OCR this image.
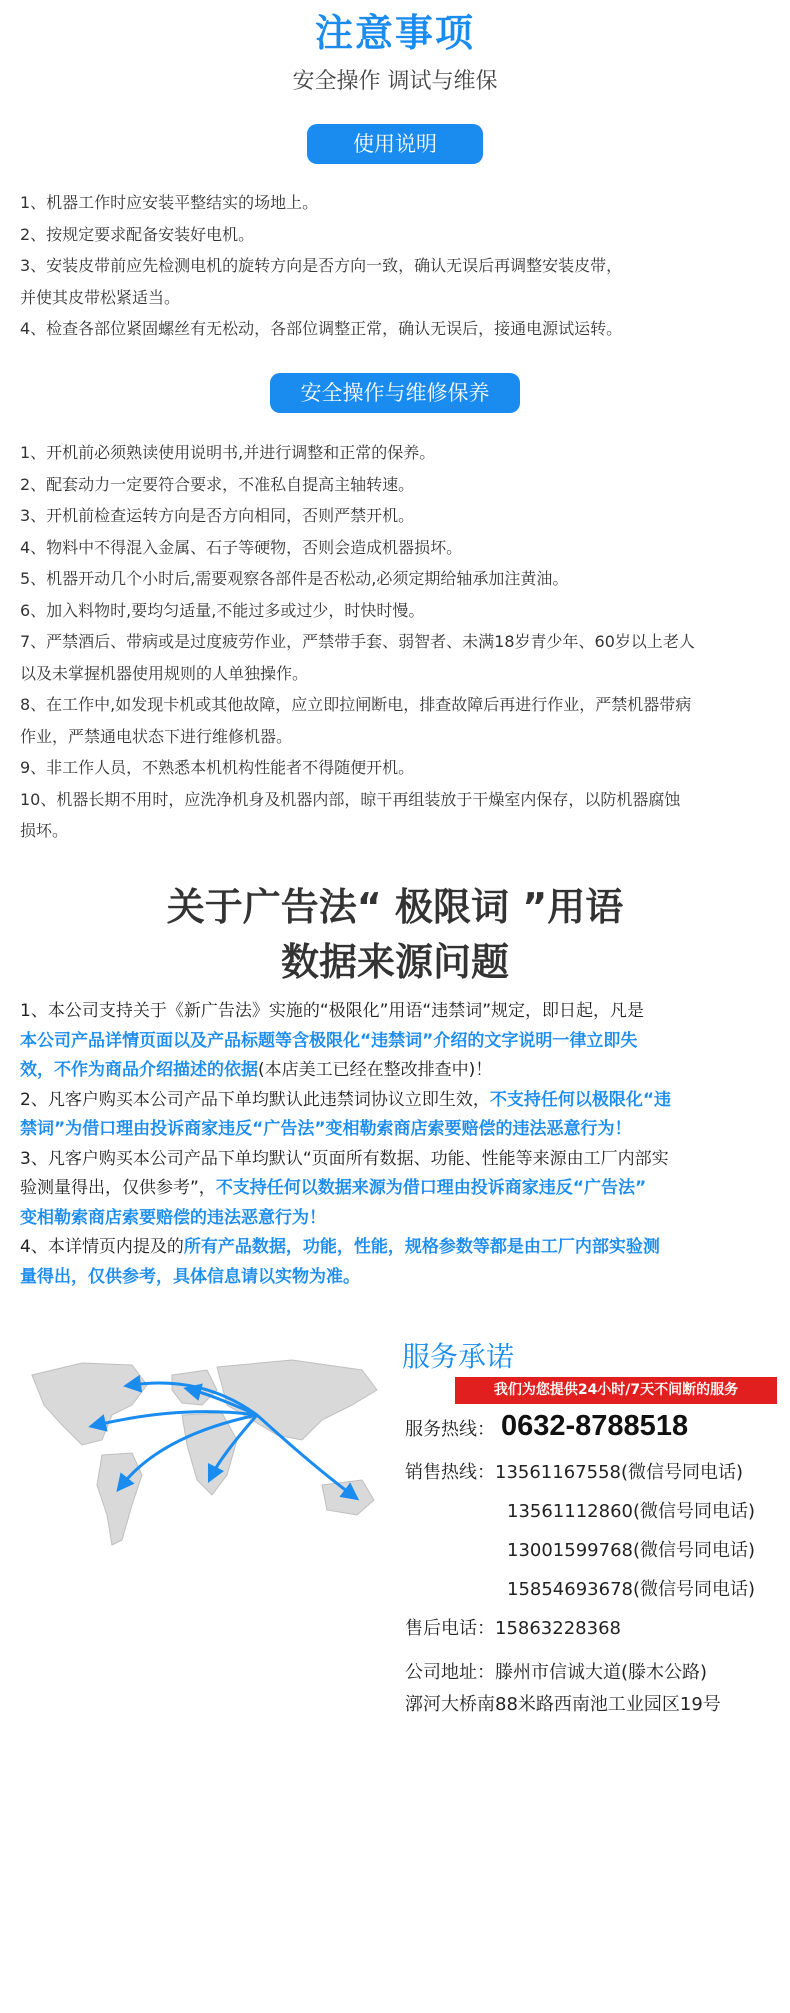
注意事项
安全操作 调试与维保
使用说明
1、机器工作时应安装平整结实的场地上。
2、按规定要求配备安装好电机。
3、安装皮带前应先检测电机的旋转方向是否方向一致，确认无误后再调整安装皮带，
并使其皮带松紧适当。
4、检查各部位紧固螺丝有无松动，各部位调整正常，确认无误后，接通电源试运转。
安全操作与维修保养
1、开机前必须熟读使用说明书,并进行调整和正常的保养。
2、配套动力一定要符合要求，不准私自提高主轴转速。
3、开机前检查运转方向是否方向相同，否则严禁开机。
4、物料中不得混入金属、石子等硬物，否则会造成机器损坏。
5、机器开动几个小时后,需要观察各部件是否松动,必须定期给轴承加注黄油。
6、加入料物时,要均匀适量,不能过多或过少，时快时慢。
7、严禁酒后、带病或是过度疲劳作业，严禁带手套、弱智者、未满18岁青少年、60岁以上老人
以及未掌握机器使用规则的人单独操作。
8、在工作中,如发现卡机或其他故障，应立即拉闸断电，排查故障后再进行作业，严禁机器带病
作业，严禁通电状态下进行维修机器。
9、非工作人员，不熟悉本机机构性能者不得随便开机。
10、机器长期不用时，应洗净机身及机器内部，晾干再组装放于干燥室内保存，以防机器腐蚀
损坏。
关于广告法“ 极限词 ”用语
数据来源问题

1、本公司支持关于《新广告法》实施的“极限化”用语“违禁词”规定，即日起，凡是
本公司产品详情页面以及产品标题等含极限化“违禁词”介绍的文字说明一律立即失
效，不作为商品介绍描述的依据(本店美工已经在整改排查中)！

2、凡客户购买本公司产品下单均默认此违禁词协议立即生效，不支持任何以极限化“违
禁词”为借口理由投诉商家违反“广告法”变相勒索商店索要赔偿的违法恶意行为！

3、凡客户购买本公司产品下单均默认“页面所有数据、功能、性能等来源由工厂内部实
验测量得出，仅供参考”，不支持任何以数据来源为借口理由投诉商家违反“广告法”
变相勒索商店索要赔偿的违法恶意行为！

4、本详情页内提及的所有产品数据，功能，性能，规格参数等都是由工厂内部实验测
量得出，仅供参考，具体信息请以实物为准。

服务承诺
我们为您提供24小时/7天不间断的服务
服务热线： 0632-8788518
销售热线：13561167558(微信号同电话)
13561112860(微信号同电话)
13001599768(微信号同电话)
15854693678(微信号同电话)
售后电话：15863228368
公司地址：滕州市信诚大道(滕木公路)
漷河大桥南88米路西南池工业园区19号
